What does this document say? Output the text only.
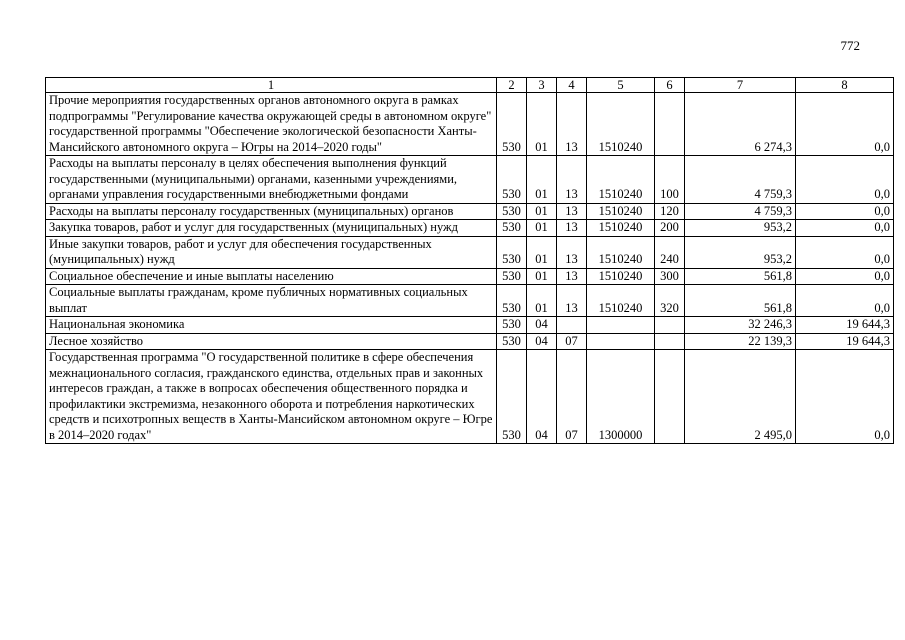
772
1	2	3	4	5	6	7	8
Прочие мероприятия государственных органов автономного округа в рамках подпрограммы "Регулирование качества окружающей среды в автономном округе" государственной программы "Обеспечение экологической безопасности Ханты-Мансийского автономного округа – Югры на 2014–2020 годы"	530	01	13	1510240		6 274,3	0,0
Расходы на выплаты персоналу в целях обеспечения выполнения функций государственными (муниципальными) органами, казенными учреждениями, органами управления государственными внебюджетными фондами	530	01	13	1510240	100	4 759,3	0,0
Расходы на выплаты персоналу государственных (муниципальных) органов	530	01	13	1510240	120	4 759,3	0,0
Закупка товаров, работ и услуг для государственных (муниципальных) нужд	530	01	13	1510240	200	953,2	0,0
Иные закупки товаров, работ и услуг для обеспечения государственных (муниципальных) нужд	530	01	13	1510240	240	953,2	0,0
Социальное обеспечение и иные выплаты населению	530	01	13	1510240	300	561,8	0,0
Социальные выплаты гражданам, кроме публичных нормативных социальных выплат	530	01	13	1510240	320	561,8	0,0
Национальная экономика	530	04				32 246,3	19 644,3
Лесное хозяйство	530	04	07			22 139,3	19 644,3
Государственная программа "О государственной политике в сфере обеспечения межнационального согласия, гражданского единства, отдельных прав и законных интересов граждан, а также в вопросах обеспечения общественного порядка и профилактики экстремизма, незаконного оборота и потребления наркотических средств и психотропных веществ в Ханты-Мансийском автономном округе – Югре в 2014–2020 годах"	530	04	07	1300000		2 495,0	0,0
